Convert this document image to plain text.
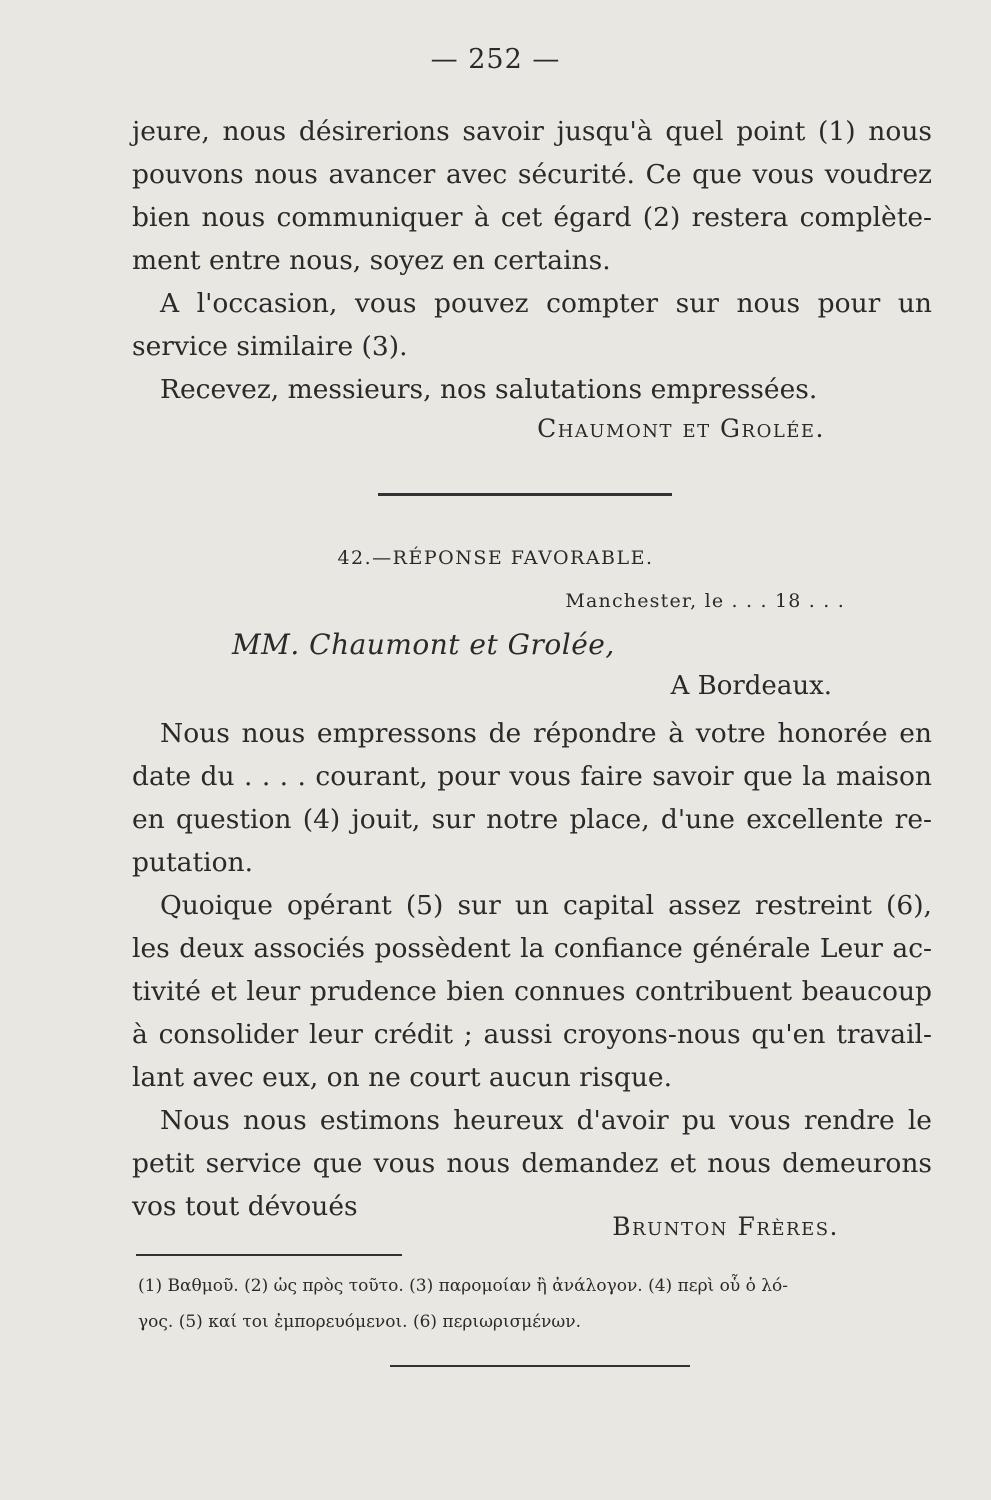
— 252 —
jeure, nous désirerions savoir jusqu'à quel point (1) nous
pouvons nous avancer avec sécurité. Ce que vous voudrez
bien nous communiquer à cet égard (2) restera complète-
ment entre nous, soyez en certains.
A l'occasion, vous pouvez compter sur nous pour un
service similaire (3).
Recevez, messieurs, nos salutations empressées.
Chaumont et Grolée.
42.—RÉPONSE FAVORABLE.
Manchester, le . . . 18 . . .
MM. Chaumont et Grolée,
A Bordeaux.
Nous nous empressons de répondre à votre honorée en
date du . . . . courant, pour vous faire savoir que la maison
en question (4) jouit, sur notre place, d'une excellente re-
putation.
Quoique opérant (5) sur un capital assez restreint (6),
les deux associés possèdent la confiance générale Leur ac-
tivité et leur prudence bien connues contribuent beaucoup
à consolider leur crédit ; aussi croyons-nous qu'en travail-
lant avec eux, on ne court aucun risque.
Nous nous estimons heureux d'avoir pu vous rendre le
petit service que vous nous demandez et nous demeurons
vos tout dévoués
Brunton Frères.
(1) Βαθμοῦ. (2) ὡς πρὸς τοῦτο. (3) παρομοίαν ἢ ἀνάλογον. (4) περὶ οὗ ὁ λό-
γος. (5) καί τοι ἐμπορευόμενοι. (6) περιωρισμένων.
